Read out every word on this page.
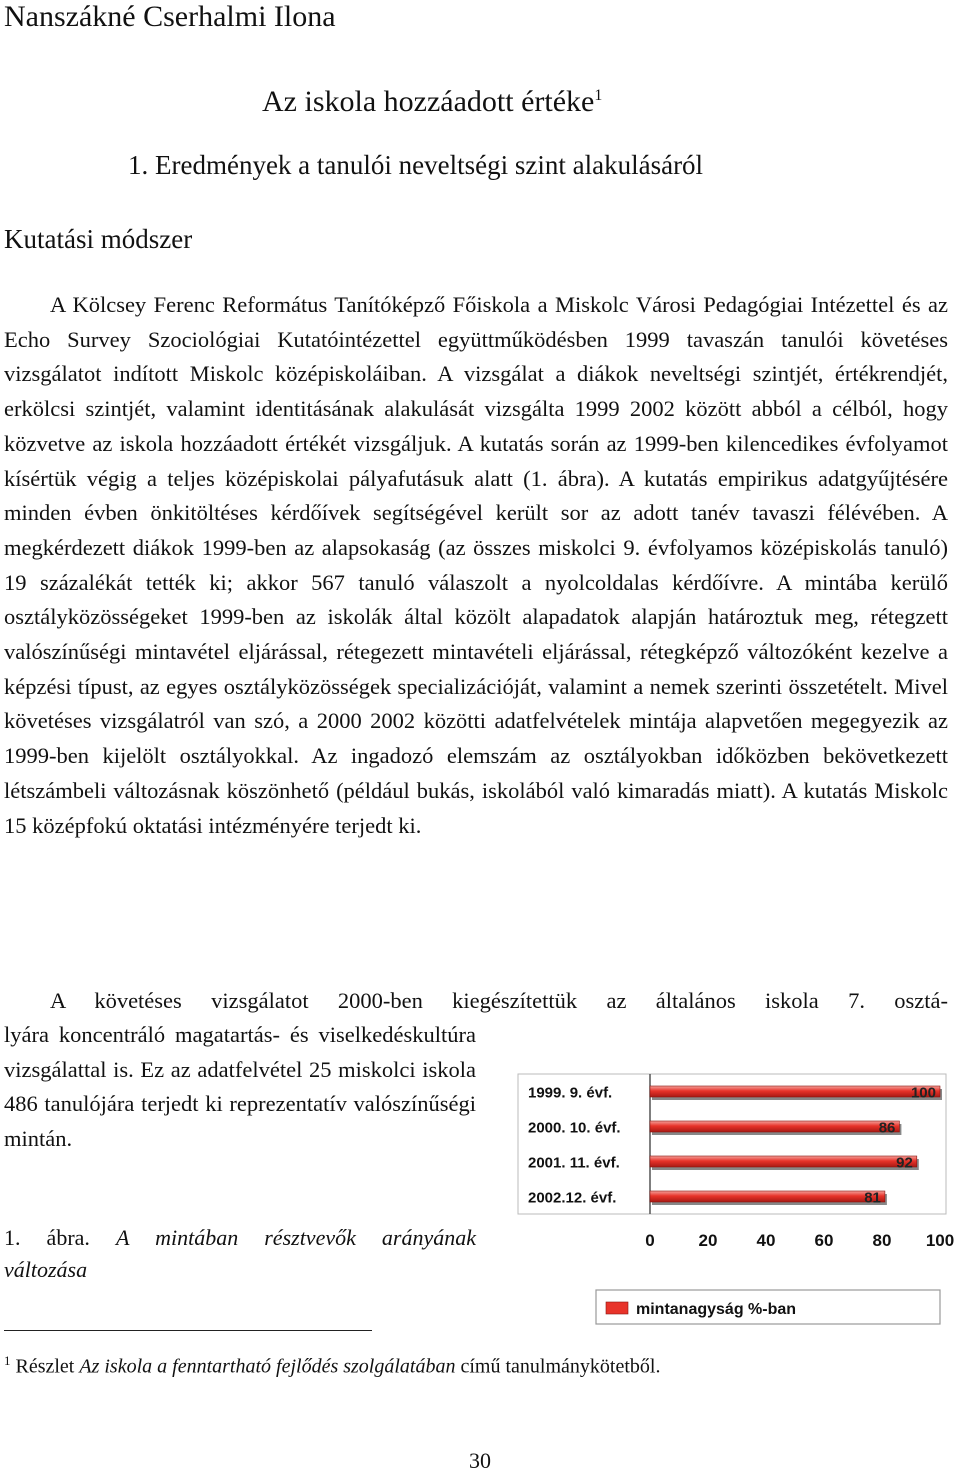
Nanszákné Cserhalmi Ilona
Az iskola hozzáadott értéke$^1$
1. Eredmények a tanulói neveltségi szint alakulásáról
Kutatási módszer

A Kölcsey Ferenc Református Tanítóképző Főiskola a Miskolc Városi Pedagógiai Intézettel és az Echo Survey Szociológiai Kutatóintézettel együttműködésben 1999 tavaszán tanulói követéses vizsgálatot indított Miskolc középiskoláiban. A vizsgálat a diákok neveltségi szintjét, értékrendjét, erkölcsi szintjét, valamint identitásának alakulását vizsgálta 1999 2002 között abból a célból, hogy közvetve az iskola hozzáadott értékét vizsgáljuk. A kutatás során az 1999-ben kilencedikes évfolyamot kísértük végig a teljes középiskolai pályafutásuk alatt (1. ábra). A kutatás empirikus adatgyűjtésére minden évben önkitöltéses kérdőívek segítségével került sor az adott tanév tavaszi félévében. A megkérdezett diákok 1999-ben az alapsokaság (az összes miskolci 9. évfolyamos középiskolás tanuló) 19 százalékát tették ki; akkor 567 tanuló válaszolt a nyolcoldalas kérdőívre. A mintába kerülő osztályközösségeket 1999-ben az iskolák által közölt alapadatok alapján határoztuk meg, rétegzett valószínűségi mintavétel eljárással, rétegezett mintavételi eljárással, rétegképző változóként kezelve a képzési típust, az egyes osztályközösségek specializációját, valamint a nemek szerinti összetételt. Mivel követéses vizsgálatról van szó, a 2000 2002 közötti adatfelvételek mintája alapvetően megegyezik az 1999-ben kijelölt osztályokkal. Az ingadozó elemszám az osztályokban időközben bekövetkezett létszámbeli változásnak köszönhető (például bukás, iskolából való kimaradás miatt). A kutatás Miskolc 15 középfokú oktatási intézményére terjedt ki.

A követéses vizsgálatot 2000-ben kiegészítettük az általános iskola 7. osztá-

lyára koncentráló magatartás- és viselkedéskultúra vizsgálattal is. Ez az adatfelvétel 25 miskolci iskola 486 tanulójára terjedt ki reprezentatív valószínűségi mintán.

1999. 9. évf.	100
2000. 10. évf.	86
2001. 11. évf.	92
2002.12. évf.	81
0	20 40 60 80 100
mintanagyság %-ban
1. ábra. A mintában résztvevők arányának
változása
$^1$ Részlet Az iskola a fenntartható fejlődés szolgálatában című tanulmánykötetből.
30
